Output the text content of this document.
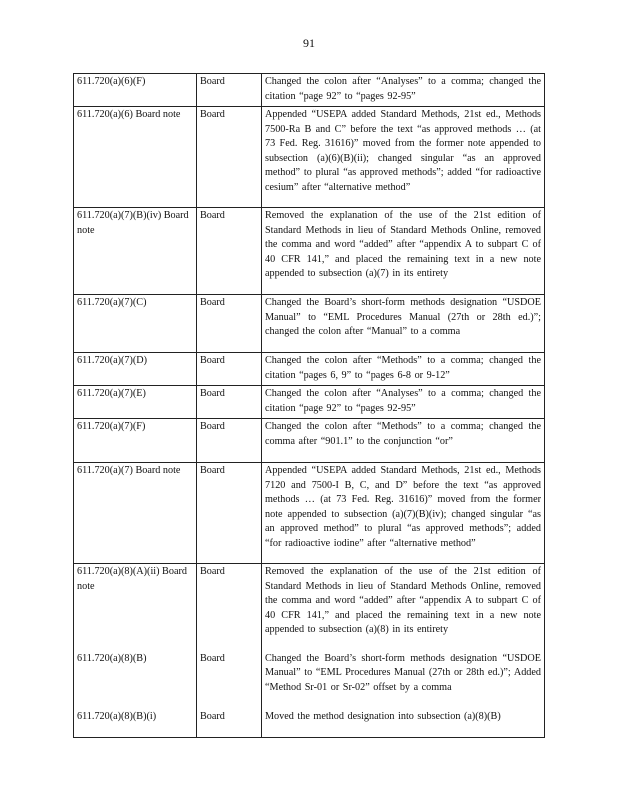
91
611.720(a)(6)(F)	Board	Changed the colon after “Analyses” to a comma; changed the citation “page 92” to “pages 92-95”
611.720(a)(6) Board note	Board	Appended “USEPA added Standard Methods, 21st ed., Methods 7500-Ra B and C” before the text “as approved methods … (at 73 Fed. Reg. 31616)” moved from the former note appended to subsection (a)(6)(B)(ii); changed singular “as an approved method” to plural “as approved methods”; added “for radioactive cesium” after “alternative method”
611.720(a)(7)(B)(iv) Board note	Board	Removed the explanation of the use of the 21st edition of Standard Methods in lieu of Standard Methods Online, removed the comma and word “added” after “appendix A to subpart C of 40 CFR 141,” and placed the remaining text in a new note appended to subsection (a)(7) in its entirety
611.720(a)(7)(C)	Board	Changed the Board’s short-form methods designation “USDOE Manual” to “EML Procedures Manual (27th or 28th ed.)”; changed the colon after “Manual” to a comma
611.720(a)(7)(D)	Board	Changed the colon after “Methods” to a comma; changed the citation “pages 6, 9” to “pages 6-8 or 9-12”
611.720(a)(7)(E)	Board	Changed the colon after “Analyses” to a comma; changed the citation “page 92” to “pages 92-95”
611.720(a)(7)(F)	Board	Changed the colon after “Methods” to a comma; changed the comma after “901.1” to the conjunction “or”
611.720(a)(7) Board note	Board	Appended “USEPA added Standard Methods, 21st ed., Methods 7120 and 7500-I B, C, and D” before the text “as approved methods … (at 73 Fed. Reg. 31616)” moved from the former note appended to subsection (a)(7)(B)(iv); changed singular “as an approved method” to plural “as approved methods”; added “for radioactive iodine” after “alternative method”
611.720(a)(8)(A)(ii) Board note	Board	Removed the explanation of the use of the 21st edition of Standard Methods in lieu of Standard Methods Online, removed the comma and word “added” after “appendix A to subpart C of 40 CFR 141,” and placed the remaining text in a new note appended to subsection (a)(8) in its entirety
611.720(a)(8)(B)	Board	Changed the Board’s short-form methods designation “USDOE Manual” to “EML Procedures Manual (27th or 28th ed.)”; Added “Method Sr-01 or Sr-02” offset by a comma
611.720(a)(8)(B)(i)	Board	Moved the method designation into subsection (a)(8)(B)
